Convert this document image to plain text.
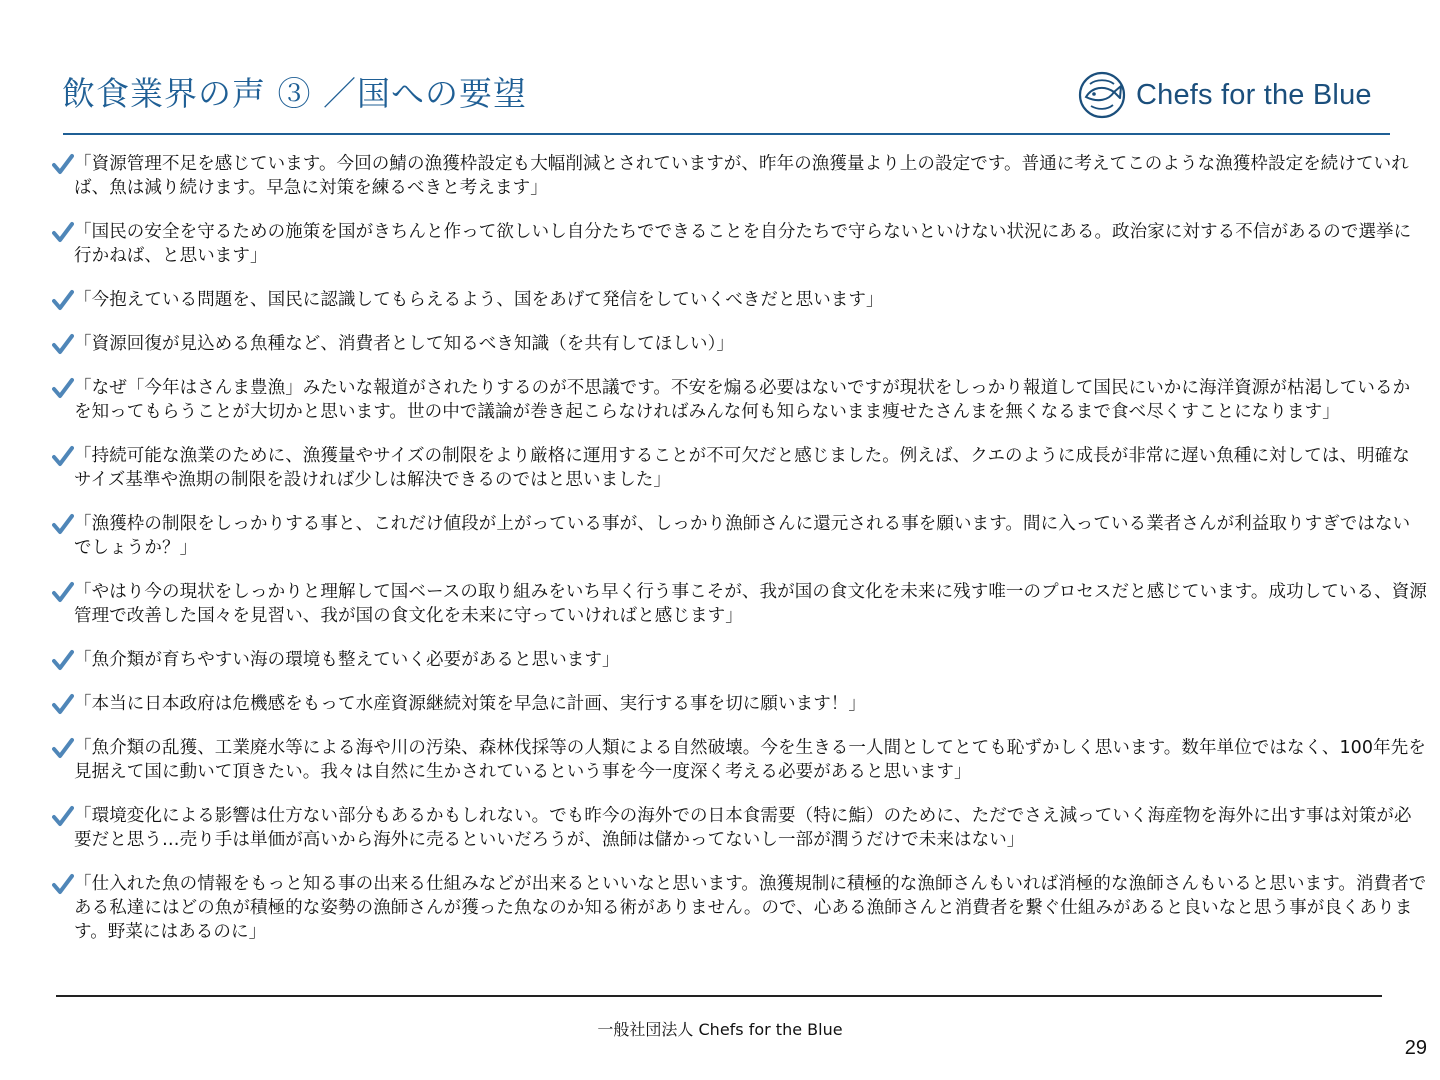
飲食業界の声 ③ ／国への要望	Chefs for the Blue
「資源管理不足を感じています。今回の鯖の漁獲枠設定も大幅削減とされていますが、昨年の漁獲量より上の設定です。普通に考えてこのような漁獲枠設定を続けていれば、魚は減り続けます。早急に対策を練るべきと考えます」
「国民の安全を守るための施策を国がきちんと作って欲しいし自分たちでできることを自分たちで守らないといけない状況にある。政治家に対する不信があるので選挙に行かねば、と思います」
「今抱えている問題を、国民に認識してもらえるよう、国をあげて発信をしていくべきだと思います」
「資源回復が見込める魚種など、消費者として知るべき知識（を共有してほしい）」
「なぜ「今年はさんま豊漁」みたいな報道がされたりするのが不思議です。不安を煽る必要はないですが現状をしっかり報道して国民にいかに海洋資源が枯渇しているかを知ってもらうことが大切かと思います。世の中で議論が巻き起こらなければみんな何も知らないまま痩せたさんまを無くなるまで食べ尽くすことになります」
「持続可能な漁業のために、漁獲量やサイズの制限をより厳格に運用することが不可欠だと感じました。例えば、クエのように成長が非常に遅い魚種に対しては、明確なサイズ基準や漁期の制限を設ければ少しは解決できるのではと思いました」
「漁獲枠の制限をしっかりする事と、これだけ値段が上がっている事が、しっかり漁師さんに還元される事を願います。間に入っている業者さんが利益取りすぎではないでしょうか？」
「やはり今の現状をしっかりと理解して国ベースの取り組みをいち早く行う事こそが、我が国の食文化を未来に残す唯一のプロセスだと感じています。成功している、資源管理で改善した国々を見習い、我が国の食文化を未来に守っていければと感じます」
「魚介類が育ちやすい海の環境も整えていく必要があると思います」
「本当に日本政府は危機感をもって水産資源継続対策を早急に計画、実行する事を切に願います！」
「魚介類の乱獲、工業廃水等による海や川の汚染、森林伐採等の人類による自然破壊。今を生きる一人間としてとても恥ずかしく思います。数年単位ではなく、100年先を見据えて国に動いて頂きたい。我々は自然に生かされているという事を今一度深く考える必要があると思います」
「環境変化による影響は仕方ない部分もあるかもしれない。でも昨今の海外での日本食需要（特に鮨）のために、ただでさえ減っていく海産物を海外に出す事は対策が必要だと思う…売り手は単価が高いから海外に売るといいだろうが、漁師は儲かってないし一部が潤うだけで未来はない」
「仕入れた魚の情報をもっと知る事の出来る仕組みなどが出来るといいなと思います。漁獲規制に積極的な漁師さんもいれば消極的な漁師さんもいると思います。消費者である私達にはどの魚が積極的な姿勢の漁師さんが獲った魚なのか知る術がありません。ので、心ある漁師さんと消費者を繋ぐ仕組みがあると良いなと思う事が良くあります。野菜にはあるのに」
一般社団法人 Chefs for the Blue
29
